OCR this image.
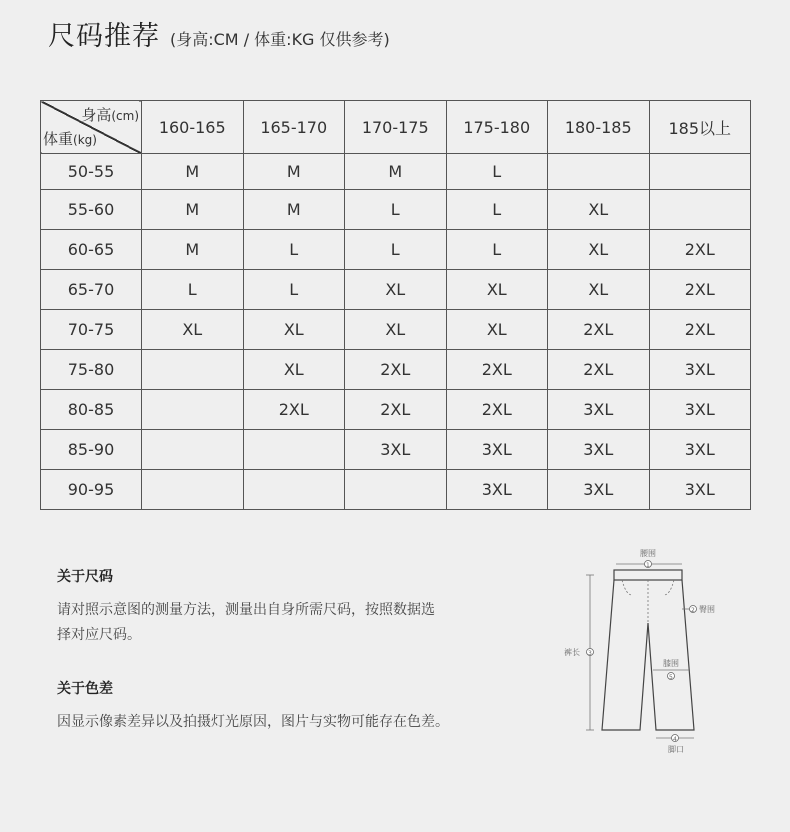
尺码推荐 (身高:CM / 体重:KG 仅供参考)
身高(cm)
体重(kg)	160-165	165-170	170-175	175-180	180-185	185以上
50-55	M	M	M	L		
55-60	M	M	L	L	XL	
60-65	M	L	L	L	XL	2XL
65-70	L	L	XL	XL	XL	2XL
70-75	XL	XL	XL	XL	2XL	2XL
75-80		XL	2XL	2XL	2XL	3XL
80-85		2XL	2XL	2XL	3XL	3XL
85-90			3XL	3XL	3XL	3XL
90-95				3XL	3XL	3XL
关于尺码

请对照示意图的测量方法，测量出自身所需尺码，按照数据选

择对应尺码。

关于色差

因显示像素差异以及拍摄灯光原因，图片与实物可能存在色差。

腰围
1
2 臀围
3
裤长
膝围
5
4
脚口
